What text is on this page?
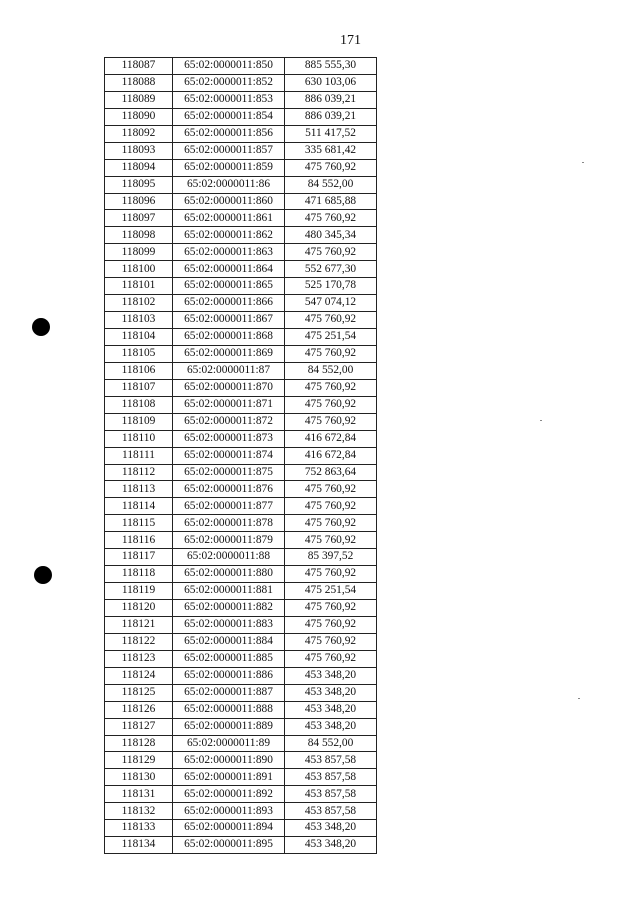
171
118087	65:02:0000011:850	885 555,30
118088	65:02:0000011:852	630 103,06
118089	65:02:0000011:853	886 039,21
118090	65:02:0000011:854	886 039,21
118092	65:02:0000011:856	511 417,52
118093	65:02:0000011:857	335 681,42
118094	65:02:0000011:859	475 760,92
118095	65:02:0000011:86	84 552,00
118096	65:02:0000011:860	471 685,88
118097	65:02:0000011:861	475 760,92
118098	65:02:0000011:862	480 345,34
118099	65:02:0000011:863	475 760,92
118100	65:02:0000011:864	552 677,30
118101	65:02:0000011:865	525 170,78
118102	65:02:0000011:866	547 074,12
118103	65:02:0000011:867	475 760,92
118104	65:02:0000011:868	475 251,54
118105	65:02:0000011:869	475 760,92
118106	65:02:0000011:87	84 552,00
118107	65:02:0000011:870	475 760,92
118108	65:02:0000011:871	475 760,92
118109	65:02:0000011:872	475 760,92
118110	65:02:0000011:873	416 672,84
118111	65:02:0000011:874	416 672,84
118112	65:02:0000011:875	752 863,64
118113	65:02:0000011:876	475 760,92
118114	65:02:0000011:877	475 760,92
118115	65:02:0000011:878	475 760,92
118116	65:02:0000011:879	475 760,92
118117	65:02:0000011:88	85 397,52
118118	65:02:0000011:880	475 760,92
118119	65:02:0000011:881	475 251,54
118120	65:02:0000011:882	475 760,92
118121	65:02:0000011:883	475 760,92
118122	65:02:0000011:884	475 760,92
118123	65:02:0000011:885	475 760,92
118124	65:02:0000011:886	453 348,20
118125	65:02:0000011:887	453 348,20
118126	65:02:0000011:888	453 348,20
118127	65:02:0000011:889	453 348,20
118128	65:02:0000011:89	84 552,00
118129	65:02:0000011:890	453 857,58
118130	65:02:0000011:891	453 857,58
118131	65:02:0000011:892	453 857,58
118132	65:02:0000011:893	453 857,58
118133	65:02:0000011:894	453 348,20
118134	65:02:0000011:895	453 348,20
